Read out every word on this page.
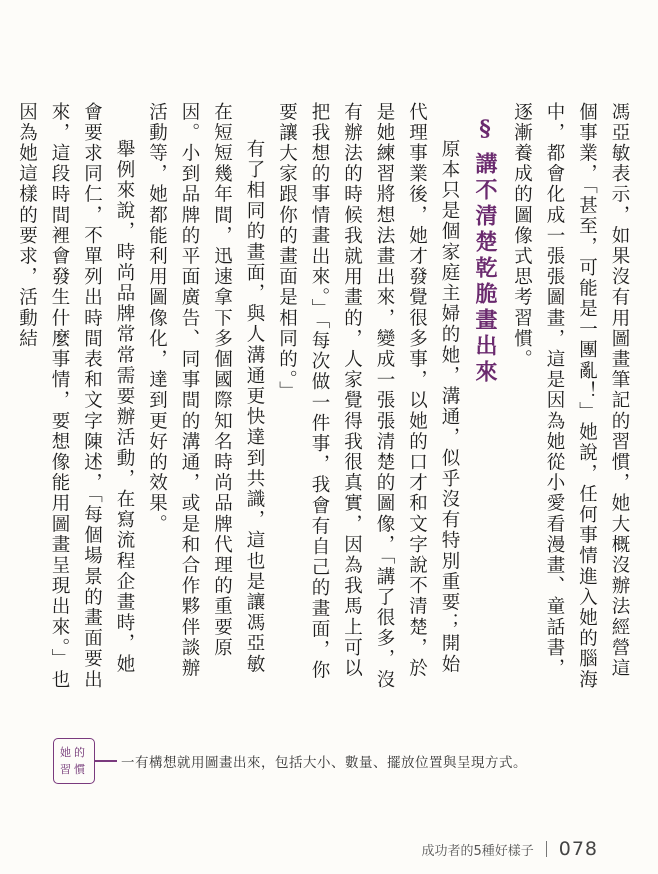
馮亞敏表示，如果沒有用圖畫筆記的習慣，她大概沒辦法經營這個事業，「甚至，可能是一團亂！」她說，任何事情進入她的腦海中，都會化成一張張圖畫，這是因為她從小愛看漫畫、童話書，逐漸養成的圖像式思考習慣。

§講不清楚乾脆畫出來

原本只是個家庭主婦的她，溝通，似乎沒有特別重要；開始代理事業後，她才發覺很多事，以她的口才和文字說不清楚，於是她練習將想法畫出來，變成一張張清楚的圖像，「講了很多，沒有辦法的時候我就用畫的，人家覺得我很真實，因為我馬上可以把我想的事情畫出來。」「每次做一件事，我會有自己的畫面，你要讓大家跟你的畫面是相同的。」

有了相同的畫面，與人溝通更快達到共識，這也是讓馮亞敏在短短幾年間，迅速拿下多個國際知名時尚品牌代理的重要原因。小到品牌的平面廣告、同事間的溝通，或是和合作夥伴談辦活動等，她都能利用圖像化，達到更好的效果。

舉例來說，時尚品牌常常需要辦活動，在寫流程企畫時，她會要求同仁，不單列出時間表和文字陳述，「每個場景的畫面要出來，這段時間裡會發生什麼事情，要想像能用圖畫呈現出來。」也因為她這樣的要求，活動結

她的
習慣	一有構想就用圖畫出來，包括大小、數量、擺放位置與呈現方式。
成功者的5種好樣子 078
